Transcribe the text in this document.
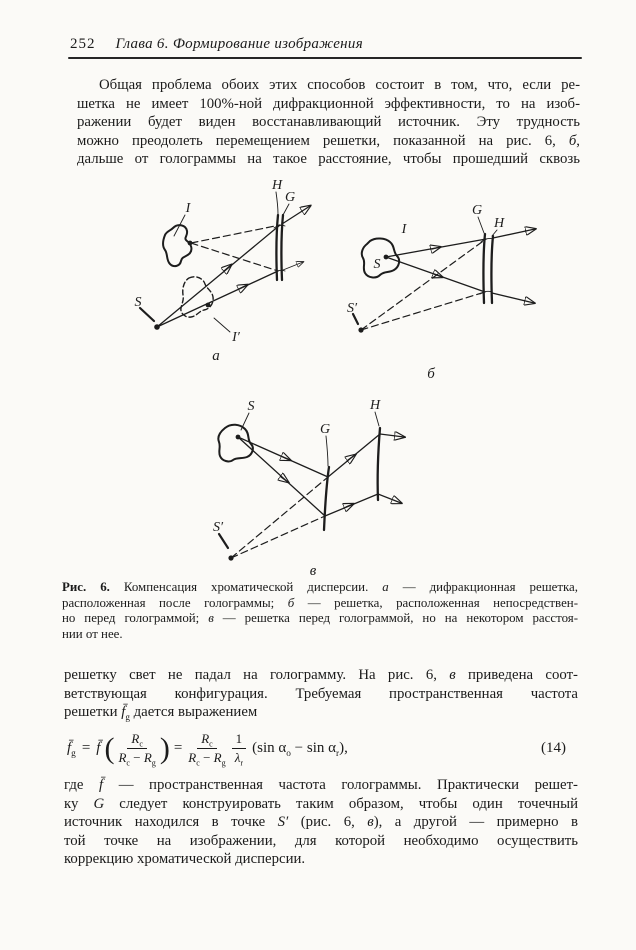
252 Глава 6. Формирование изображения
Общая проблема обоих этих способов состоит в том, что, если ре-
шетка не имеет 100%-ной дифракционной эффективности, то на изоб-
ражении будет виден восстанавливающий источник. Эту трудность
можно преодолеть перемещением решетки, показанной на рис. 6, б,
дальше от голограммы на такое расстояние, чтобы прошедший сквозь
H
G
I
S
I′
а
G
H
I
S
S′
б
S
G
H
S′
в
Рис. 6. Компенсация хроматической дисперсии. а — дифракционная решетка,
расположенная после голограммы; б — решетка, расположенная непосредствен-
но перед голограммой; в — решетка перед голограммой, но на некотором расстоя-
нии от нее.
решетку свет не падал на голограмму. На рис. 6, в приведена соот-
ветствующая конфигурация. Требуемая пространственная частота
решетки $f̄_g$ дается выражением
$f̄_g$ = f̄ ( $\frac{R_c}{R_c - R_g}$ ) = $\frac{R_c}{R_c - R_g} \frac{1}{\lambda_r} (\sin$ $\alpha_o - \sin \alpha_r$),	(14)
где f̄ — пространственная частота голограммы. Практически решет-
ку G следует конструировать таким образом, чтобы один точечный
источник находился в точке S′ (рис. 6, в), а другой — примерно в
той точке на изображении, для которой необходимо осуществить
коррекцию хроматической дисперсии.
